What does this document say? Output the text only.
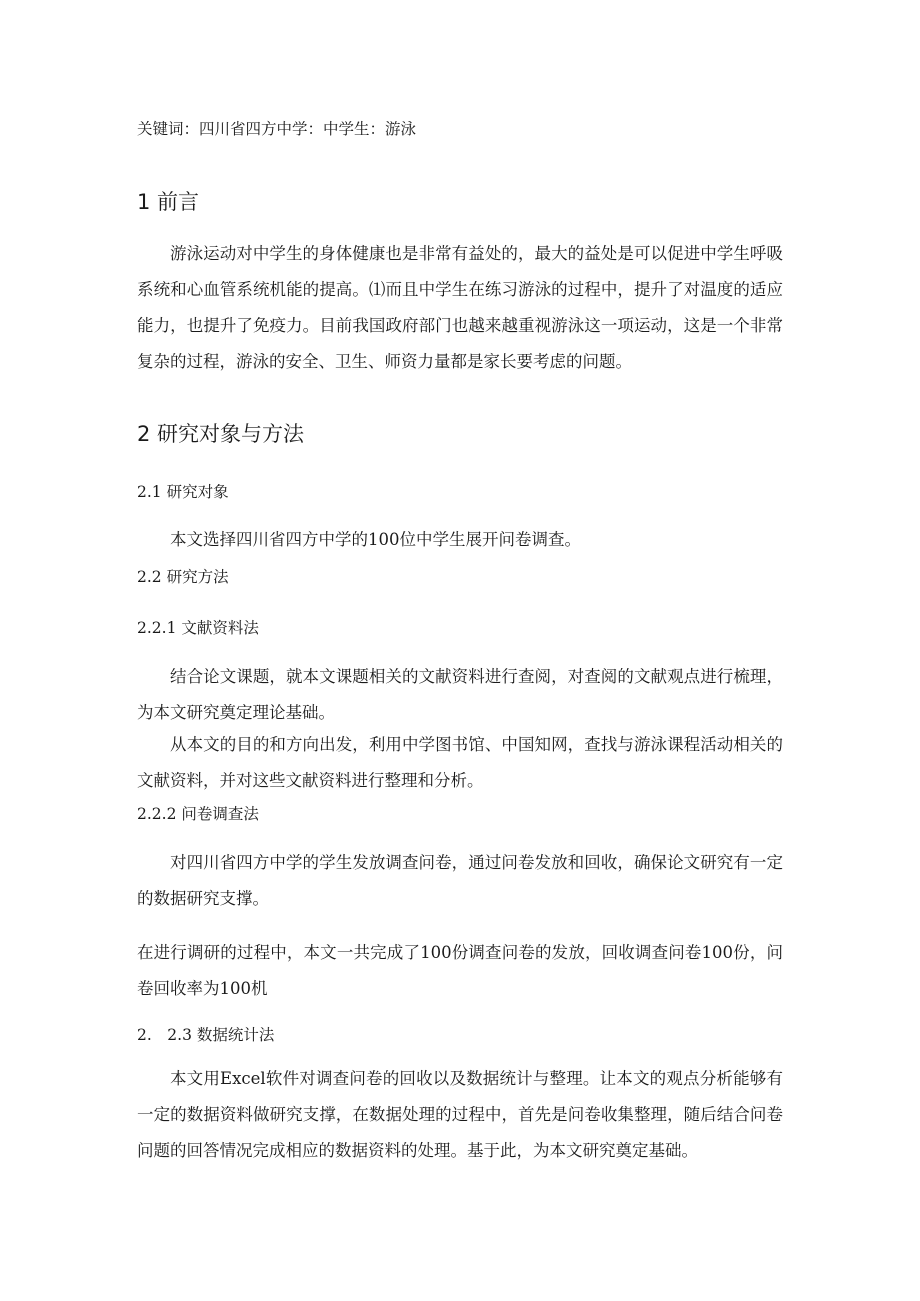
关键词：四川省四方中学：中学生：游泳

1 前言

游泳运动对中学生的身体健康也是非常有益处的，最大的益处是可以促进中学生呼吸系统和心血管系统机能的提高。⑴而且中学生在练习游泳的过程中，提升了对温度的适应能力，也提升了免疫力。目前我国政府部门也越来越重视游泳这一项运动，这是一个非常复杂的过程，游泳的安全、卫生、师资力量都是家长要考虑的问题。

2 研究对象与方法

2.1 研究对象

本文选择四川省四方中学的100位中学生展开问卷调查。

2.2 研究方法

2.2.1 文献资料法

结合论文课题，就本文课题相关的文献资料进行查阅，对查阅的文献观点进行梳理，为本文研究奠定理论基础。

从本文的目的和方向出发，利用中学图书馆、中国知网，查找与游泳课程活动相关的文献资料，并对这些文献资料进行整理和分析。

2.2.2 问卷调查法

对四川省四方中学的学生发放调查问卷，通过问卷发放和回收，确保论文研究有一定的数据研究支撑。

在进行调研的过程中，本文一共完成了100份调查问卷的发放，回收调查问卷100份，问卷回收率为100机

2.　2.3 数据统计法

本文用Excel软件对调查问卷的回收以及数据统计与整理。让本文的观点分析能够有一定的数据资料做研究支撑，在数据处理的过程中，首先是问卷收集整理，随后结合问卷问题的回答情况完成相应的数据资料的处理。基于此，为本文研究奠定基础。
